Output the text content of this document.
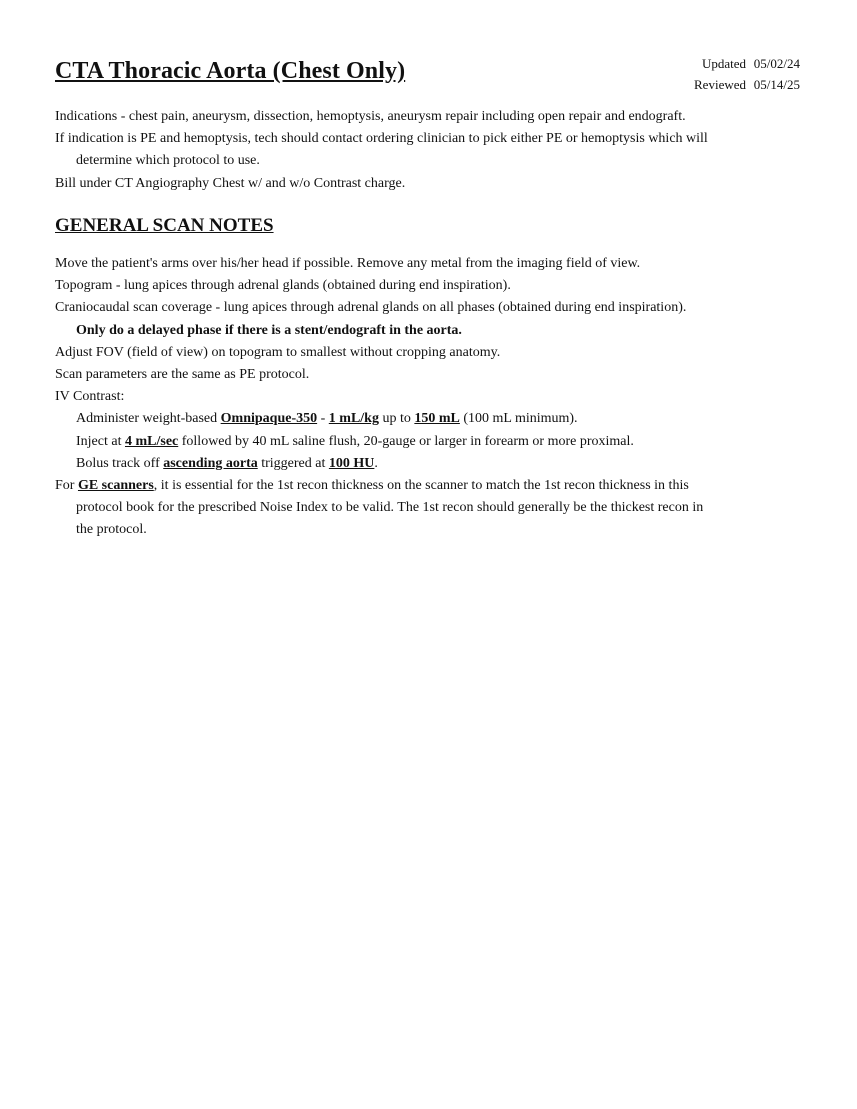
CTA Thoracic Aorta (Chest Only)	Updated 05/02/24
Reviewed 05/14/25
Indications - chest pain, aneurysm, dissection, hemoptysis, aneurysm repair including open repair and endograft.
If indication is PE and hemoptysis, tech should contact ordering clinician to pick either PE or hemoptysis which will
determine which protocol to use.
Bill under CT Angiography Chest w/ and w/o Contrast charge.
GENERAL SCAN NOTES
Move the patient's arms over his/her head if possible. Remove any metal from the imaging field of view.
Topogram - lung apices through adrenal glands (obtained during end inspiration).
Craniocaudal scan coverage - lung apices through adrenal glands on all phases (obtained during end inspiration).
Only do a delayed phase if there is a stent/endograft in the aorta.
Adjust FOV (field of view) on topogram to smallest without cropping anatomy.
Scan parameters are the same as PE protocol.
IV Contrast:
Administer weight-based Omnipaque-350 - 1 mL/kg up to 150 mL (100 mL minimum).
Inject at 4 mL/sec followed by 40 mL saline flush, 20-gauge or larger in forearm or more proximal.
Bolus track off ascending aorta triggered at 100 HU.
For GE scanners, it is essential for the 1st recon thickness on the scanner to match the 1st recon thickness in this
protocol book for the prescribed Noise Index to be valid. The 1st recon should generally be the thickest recon in
the protocol.
